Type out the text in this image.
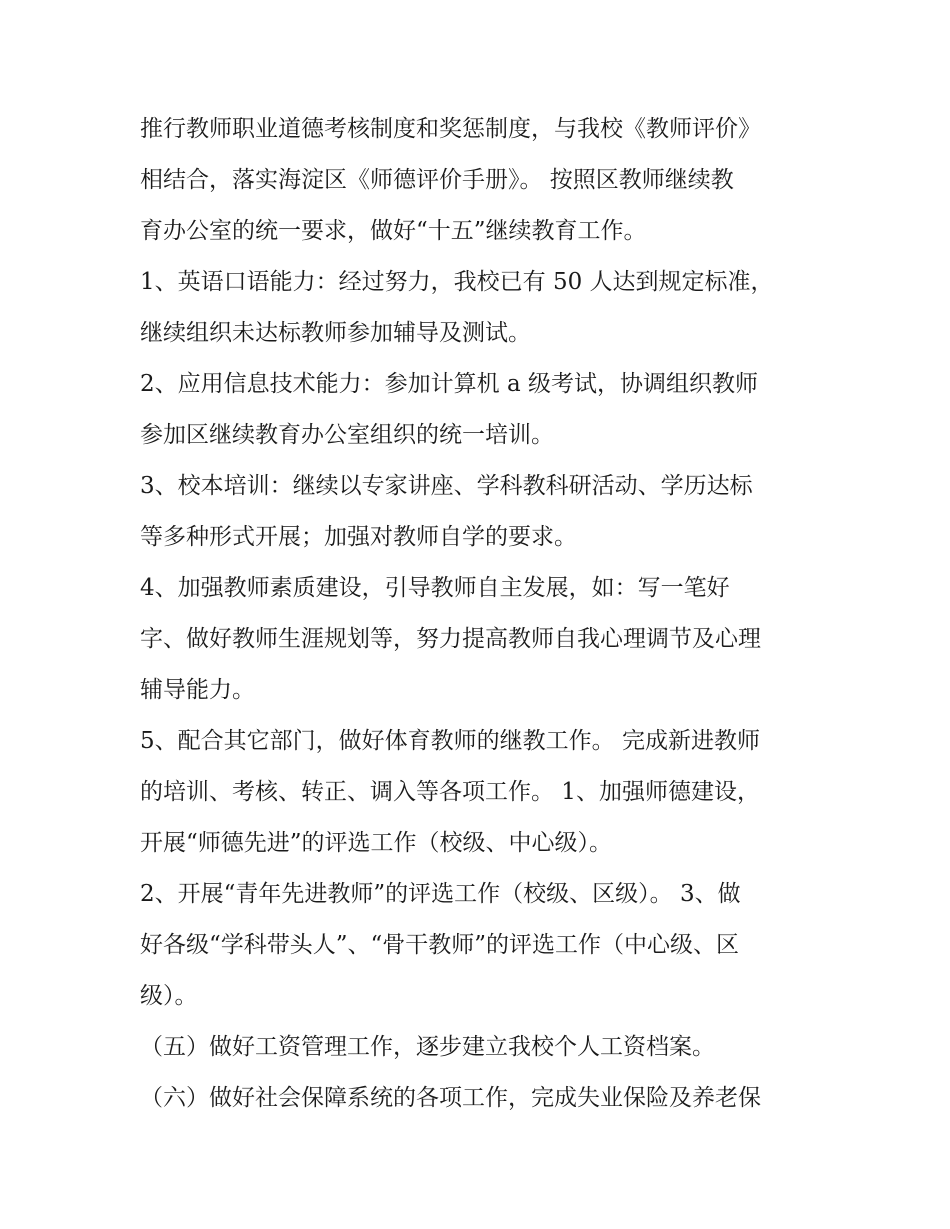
推行教师职业道德考核制度和奖惩制度，与我校《教师评价》
相结合，落实海淀区《师德评价手册》。 按照区教师继续教
育办公室的统一要求，做好“十五”继续教育工作。
1、英语口语能力：经过努力，我校已有 50 人达到规定标准，
继续组织未达标教师参加辅导及测试。
2、应用信息技术能力：参加计算机 a 级考试，协调组织教师
参加区继续教育办公室组织的统一培训。
3、校本培训：继续以专家讲座、学科教科研活动、学历达标
等多种形式开展；加强对教师自学的要求。
4、加强教师素质建设，引导教师自主发展，如：写一笔好
字、做好教师生涯规划等，努力提高教师自我心理调节及心理
辅导能力。
5、配合其它部门，做好体育教师的继教工作。 完成新进教师
的培训、考核、转正、调入等各项工作。 1、加强师德建设，
开展“师德先进”的评选工作（校级、中心级）。
2、开展“青年先进教师”的评选工作（校级、区级）。 3、做
好各级“学科带头人”、“骨干教师”的评选工作（中心级、区
级）。
（五）做好工资管理工作，逐步建立我校个人工资档案。
（六）做好社会保障系统的各项工作，完成失业保险及养老保
